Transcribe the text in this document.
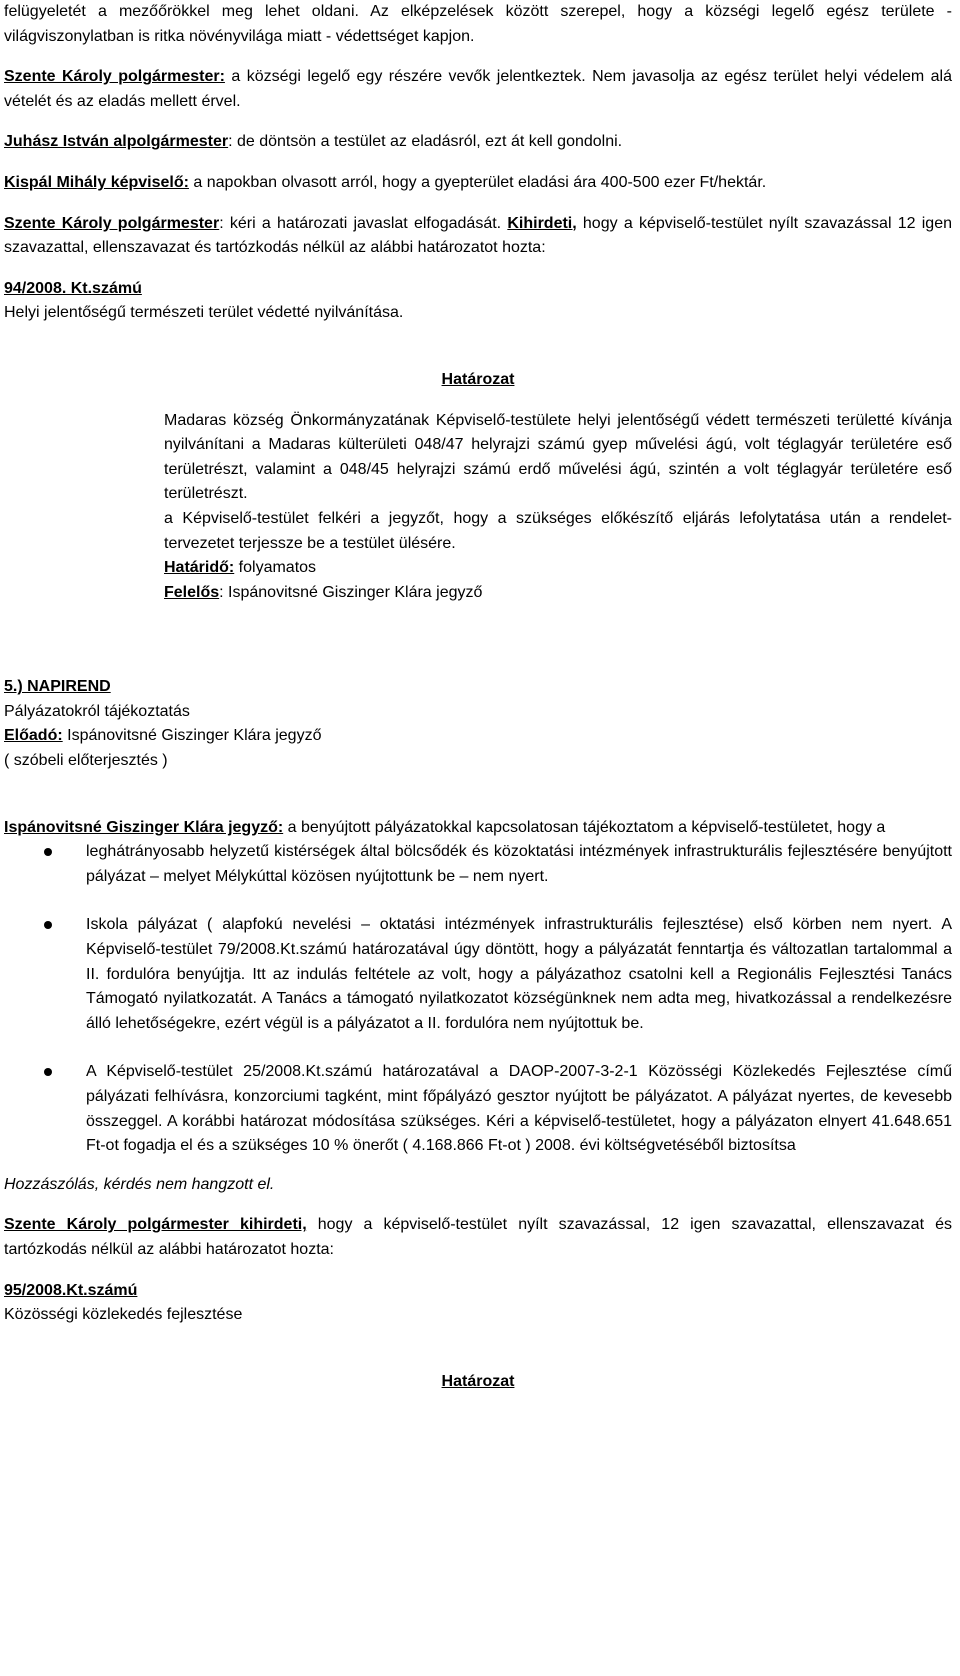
felügyeletét a mezőőrökkel meg lehet oldani. Az elképzelések között szerepel, hogy a községi legelő egész területe - világviszonylatban is ritka növényvilága miatt - védettséget kapjon.

Szente Károly polgármester: a községi legelő egy részére vevők jelentkeztek. Nem javasolja az egész terület helyi védelem alá vételét és az eladás mellett érvel.

Juhász István alpolgármester: de döntsön a testület az eladásról, ezt át kell gondolni.

Kispál Mihály képviselő: a napokban olvasott arról, hogy a gyepterület eladási ára 400-500 ezer Ft/hektár.

Szente Károly polgármester: kéri a határozati javaslat elfogadását. Kihirdeti, hogy a képviselő-testület nyílt szavazással 12 igen szavazattal, ellenszavazat és tartózkodás nélkül az alábbi határozatot hozta:

94/2008. Kt.számú

Helyi jelentőségű természeti terület védetté nyilvánítása.

Határozat

Madaras község Önkormányzatának Képviselő-testülete helyi jelentőségű védett természeti területté kívánja nyilvánítani a Madaras külterületi 048/47 helyrajzi számú gyep művelési ágú, volt téglagyár területére eső területrészt, valamint a 048/45 helyrajzi számú erdő művelési ágú, szintén a volt téglagyár területére eső területrészt.

a Képviselő-testület felkéri a jegyzőt, hogy a szükséges előkészítő eljárás lefolytatása után a rendelet-tervezetet terjessze be a testület ülésére.

Határidő: folyamatos

Felelős: Ispánovitsné Giszinger Klára jegyző

5.) NAPIREND

Pályázatokról tájékoztatás

Előadó: Ispánovitsné Giszinger Klára jegyző

( szóbeli előterjesztés )

Ispánovitsné Giszinger Klára jegyző: a benyújtott pályázatokkal kapcsolatosan tájékoztatom a képviselő-testületet, hogy a

leghátrányosabb helyzetű kistérségek által bölcsődék és közoktatási intézmények infrastrukturális fejlesztésére benyújtott pályázat – melyet Mélykúttal közösen nyújtottunk be – nem nyert.
Iskola pályázat ( alapfokú nevelési – oktatási intézmények infrastrukturális fejlesztése) első körben nem nyert. A Képviselő-testület 79/2008.Kt.számú határozatával úgy döntött, hogy a pályázatát fenntartja és változatlan tartalommal a II. fordulóra benyújtja. Itt az indulás feltétele az volt, hogy a pályázathoz csatolni kell a Regionális Fejlesztési Tanács Támogató nyilatkozatát. A Tanács a támogató nyilatkozatot községünknek nem adta meg, hivatkozással a rendelkezésre álló lehetőségekre, ezért végül is a pályázatot a II. fordulóra nem nyújtottuk be.
A Képviselő-testület 25/2008.Kt.számú határozatával a DAOP-2007-3-2-1 Közösségi Közlekedés Fejlesztése című pályázati felhívásra, konzorciumi tagként, mint főpályázó gesztor nyújtott be pályázatot. A pályázat nyertes, de kevesebb összeggel. A korábbi határozat módosítása szükséges. Kéri a képviselő-testületet, hogy a pályázaton elnyert 41.648.651 Ft-ot fogadja el és a szükséges 10 % önerőt ( 4.168.866 Ft-ot ) 2008. évi költségvetéséből biztosítsa

Hozzászólás, kérdés nem hangzott el.

Szente Károly polgármester kihirdeti, hogy a képviselő-testület nyílt szavazással, 12 igen szavazattal, ellenszavazat és tartózkodás nélkül az alábbi határozatot hozta:

95/2008.Kt.számú

Közösségi közlekedés fejlesztése

Határozat
